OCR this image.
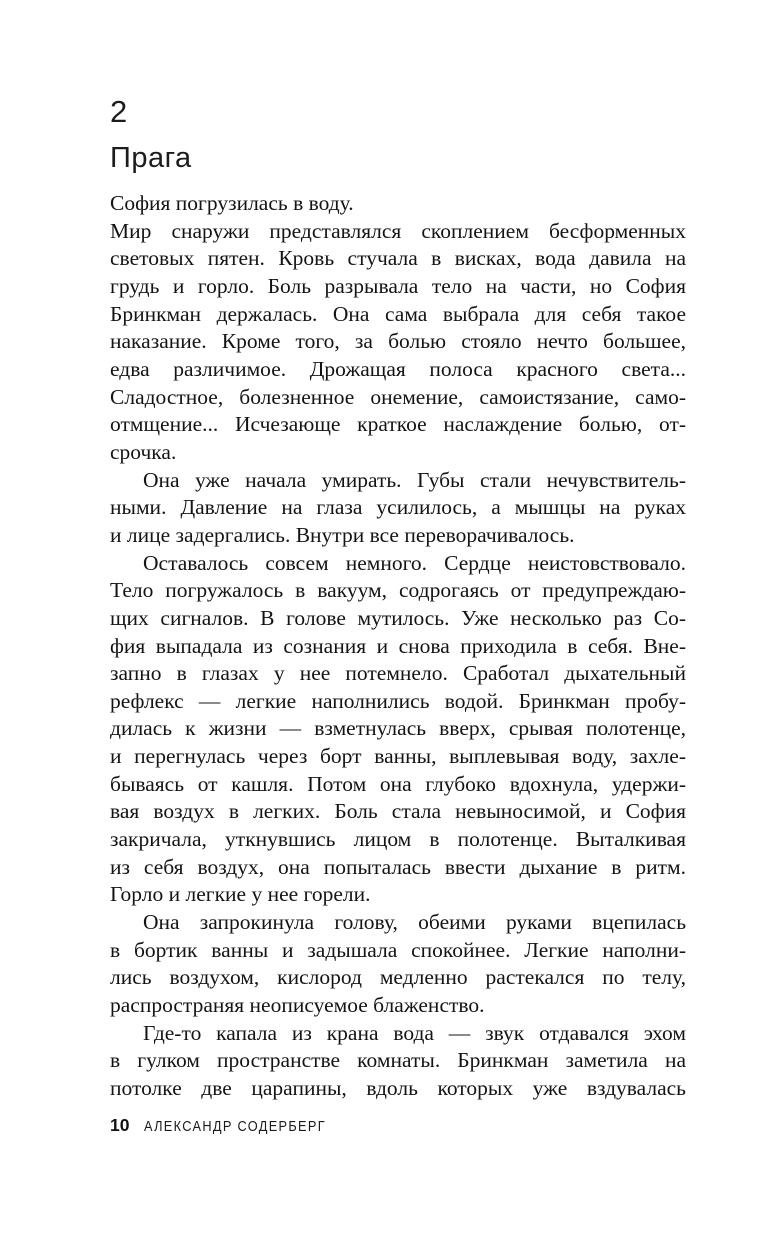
2
Прага
София погрузилась в воду.
Мир снаружи представлялся скоплением бесформенных
световых пятен. Кровь стучала в висках, вода давила на
грудь и горло. Боль разрывала тело на части, но София
Бринкман держалась. Она сама выбрала для себя такое
наказание. Кроме того, за болью стояло нечто большее,
едва различимое. Дрожащая полоса красного света...
Сладостное, болезненное онемение, самоистязание, само-
отмщение... Исчезающе краткое наслаждение болью, от-
срочка.
Она уже начала умирать. Губы стали нечувствитель-
ными. Давление на глаза усилилось, а мышцы на руках
и лице задергались. Внутри все переворачивалось.
Оставалось совсем немного. Сердце неистовствовало.
Тело погружалось в вакуум, содрогаясь от предупреждаю-
щих сигналов. В голове мутилось. Уже несколько раз Со-
фия выпадала из сознания и снова приходила в себя. Вне-
запно в глазах у нее потемнело. Сработал дыхательный
рефлекс — легкие наполнились водой. Бринкман пробу-
дилась к жизни — взметнулась вверх, срывая полотенце,
и перегнулась через борт ванны, выплевывая воду, захле-
бываясь от кашля. Потом она глубоко вдохнула, удержи-
вая воздух в легких. Боль стала невыносимой, и София
закричала, уткнувшись лицом в полотенце. Выталкивая
из себя воздух, она попыталась ввести дыхание в ритм.
Горло и легкие у нее горели.
Она запрокинула голову, обеими руками вцепилась
в бортик ванны и задышала спокойнее. Легкие наполни-
лись воздухом, кислород медленно растекался по телу,
распространяя неописуемое блаженство.
Где-то капала из крана вода — звук отдавался эхом
в гулком пространстве комнаты. Бринкман заметила на
потолке две царапины, вдоль которых уже вздувалась
10 АЛЕКСАНДР СОДЕРБЕРГ
